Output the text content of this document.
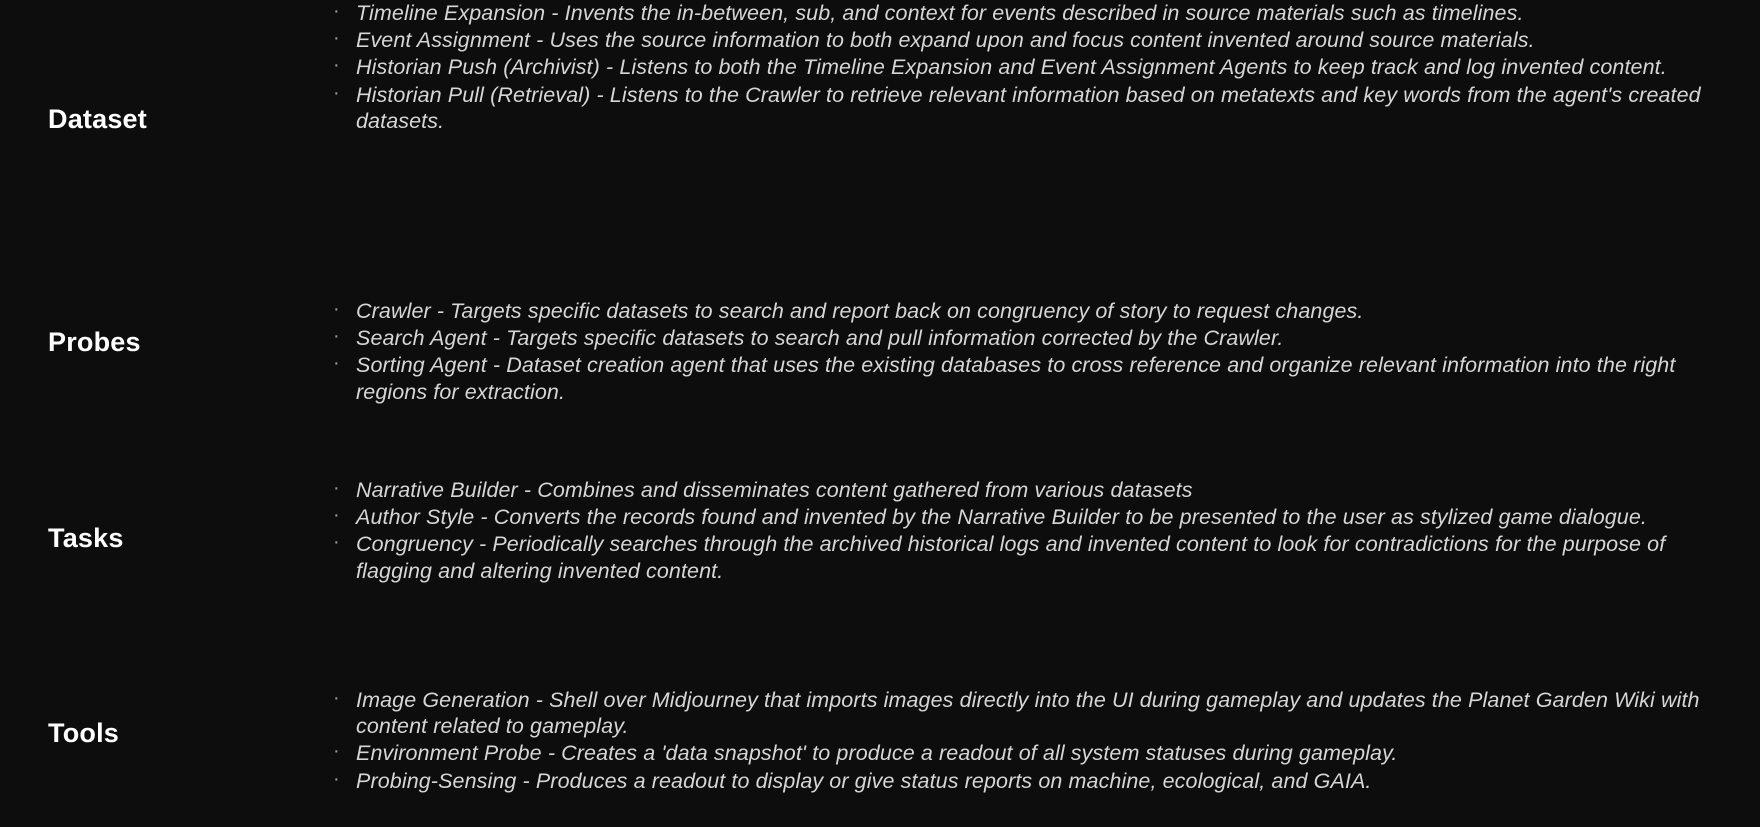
Dataset
· Timeline Expansion - Invents the in-between, sub, and context for events described in source materials such as timelines.
· Event Assignment - Uses the source information to both expand upon and focus content invented around source materials.
· Historian Push (Archivist) - Listens to both the Timeline Expansion and Event Assignment Agents to keep track and log invented content.
· Historian Pull (Retrieval) - Listens to the Crawler to retrieve relevant information based on metatexts and key words from the agent's created datasets.
Probes
· Crawler - Targets specific datasets to search and report back on congruency of story to request changes.
· Search Agent - Targets specific datasets to search and pull information corrected by the Crawler.
· Sorting Agent - Dataset creation agent that uses the existing databases to cross reference and organize relevant information into the right regions for extraction.
Tasks
· Narrative Builder - Combines and disseminates content gathered from various datasets
· Author Style - Converts the records found and invented by the Narrative Builder to be presented to the user as stylized game dialogue.
· Congruency - Periodically searches through the archived historical logs and invented content to look for contradictions for the purpose of flagging and altering invented content.
Tools
· Image Generation - Shell over Midjourney that imports images directly into the UI during gameplay and updates the Planet Garden Wiki with content related to gameplay.
· Environment Probe - Creates a 'data snapshot' to produce a readout of all system statuses during gameplay.
· Probing-Sensing - Produces a readout to display or give status reports on machine, ecological, and GAIA.
